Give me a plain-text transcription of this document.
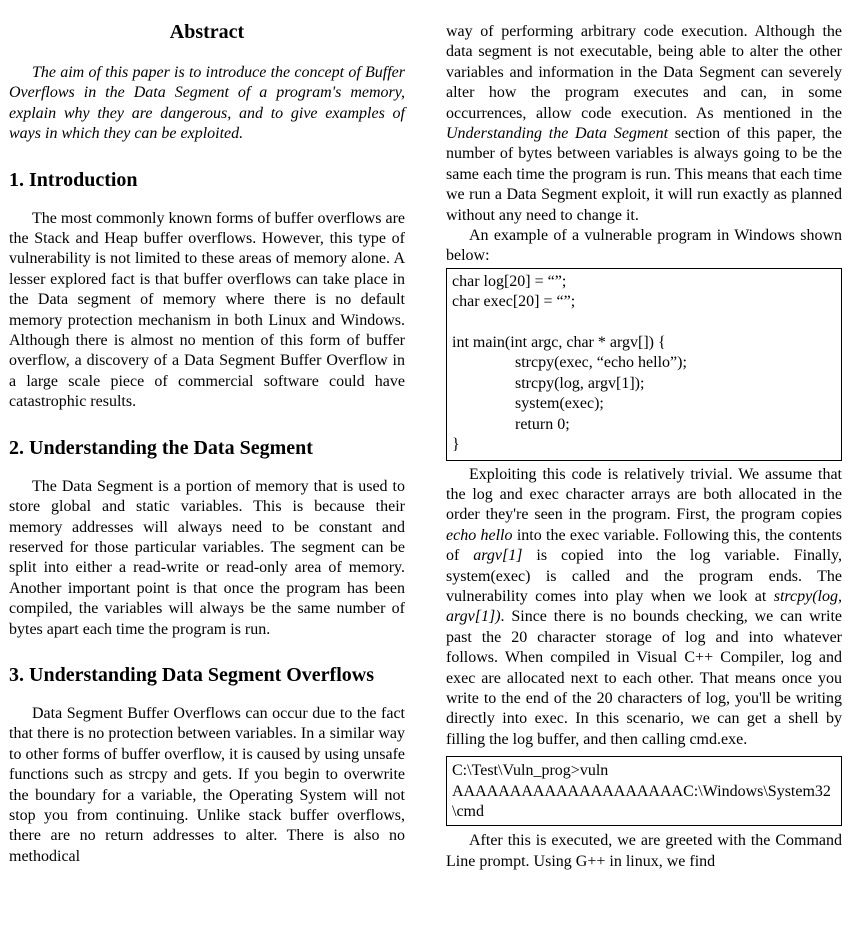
Abstract

The aim of this paper is to introduce the concept of Buffer Overflows in the Data Segment of a program's memory, explain why they are dangerous, and to give examples of ways in which they can be exploited.

1. Introduction

The most commonly known forms of buffer overflows are the Stack and Heap buffer overflows. However, this type of vulnerability is not limited to these areas of memory alone. A lesser explored fact is that buffer overflows can take place in the Data segment of memory where there is no default memory protection mechanism in both Linux and Windows. Although there is almost no mention of this form of buffer overflow, a discovery of a Data Segment Buffer Overflow in a large scale piece of commercial software could have catastrophic results.

2. Understanding the Data Segment

The Data Segment is a portion of memory that is used to store global and static variables. This is because their memory addresses will always need to be constant and reserved for those particular variables. The segment can be split into either a read-write or read-only area of memory. Another important point is that once the program has been compiled, the variables will always be the same number of bytes apart each time the program is run.

3. Understanding Data Segment Overflows

Data Segment Buffer Overflows can occur due to the fact that there is no protection between variables. In a similar way to other forms of buffer overflow, it is caused by using unsafe functions such as strcpy and gets. If you begin to overwrite the boundary for a variable, the Operating System will not stop you from continuing. Unlike stack buffer overflows, there are no return addresses to alter. There is also no methodical

way of performing arbitrary code execution. Although the data segment is not executable, being able to alter the other variables and information in the Data Segment can severely alter how the program executes and can, in some occurrences, allow code execution. As mentioned in the Understanding the Data Segment section of this paper, the number of bytes between variables is always going to be the same each time the program is run. This means that each time we run a Data Segment exploit, it will run exactly as planned without any need to change it.

An example of a vulnerable program in Windows shown below:

char log[20] = “”;
char exec[20] = “”;
int main(int argc, char * argv[]) {
strcpy(exec, “echo hello”);
strcpy(log, argv[1]);
system(exec);
return 0;
}

Exploiting this code is relatively trivial. We assume that the log and exec character arrays are both allocated in the order they're seen in the program. First, the program copies echo hello into the exec variable. Following this, the contents of argv[1] is copied into the log variable. Finally, system(exec) is called and the program ends. The vulnerability comes into play when we look at strcpy(log, argv[1]). Since there is no bounds checking, we can write past the 20 character storage of log and into whatever follows. When compiled in Visual C++ Compiler, log and exec are allocated next to each other. That means once you write to the end of the 20 characters of log, you'll be writing directly into exec. In this scenario, we can get a shell by filling the log buffer, and then calling cmd.exe.

C:\Test\Vuln_prog>vuln
AAAAAAAAAAAAAAAAAAAAC:\Windows\System32\cmd

After this is executed, we are greeted with the Command Line prompt. Using G++ in linux, we find
